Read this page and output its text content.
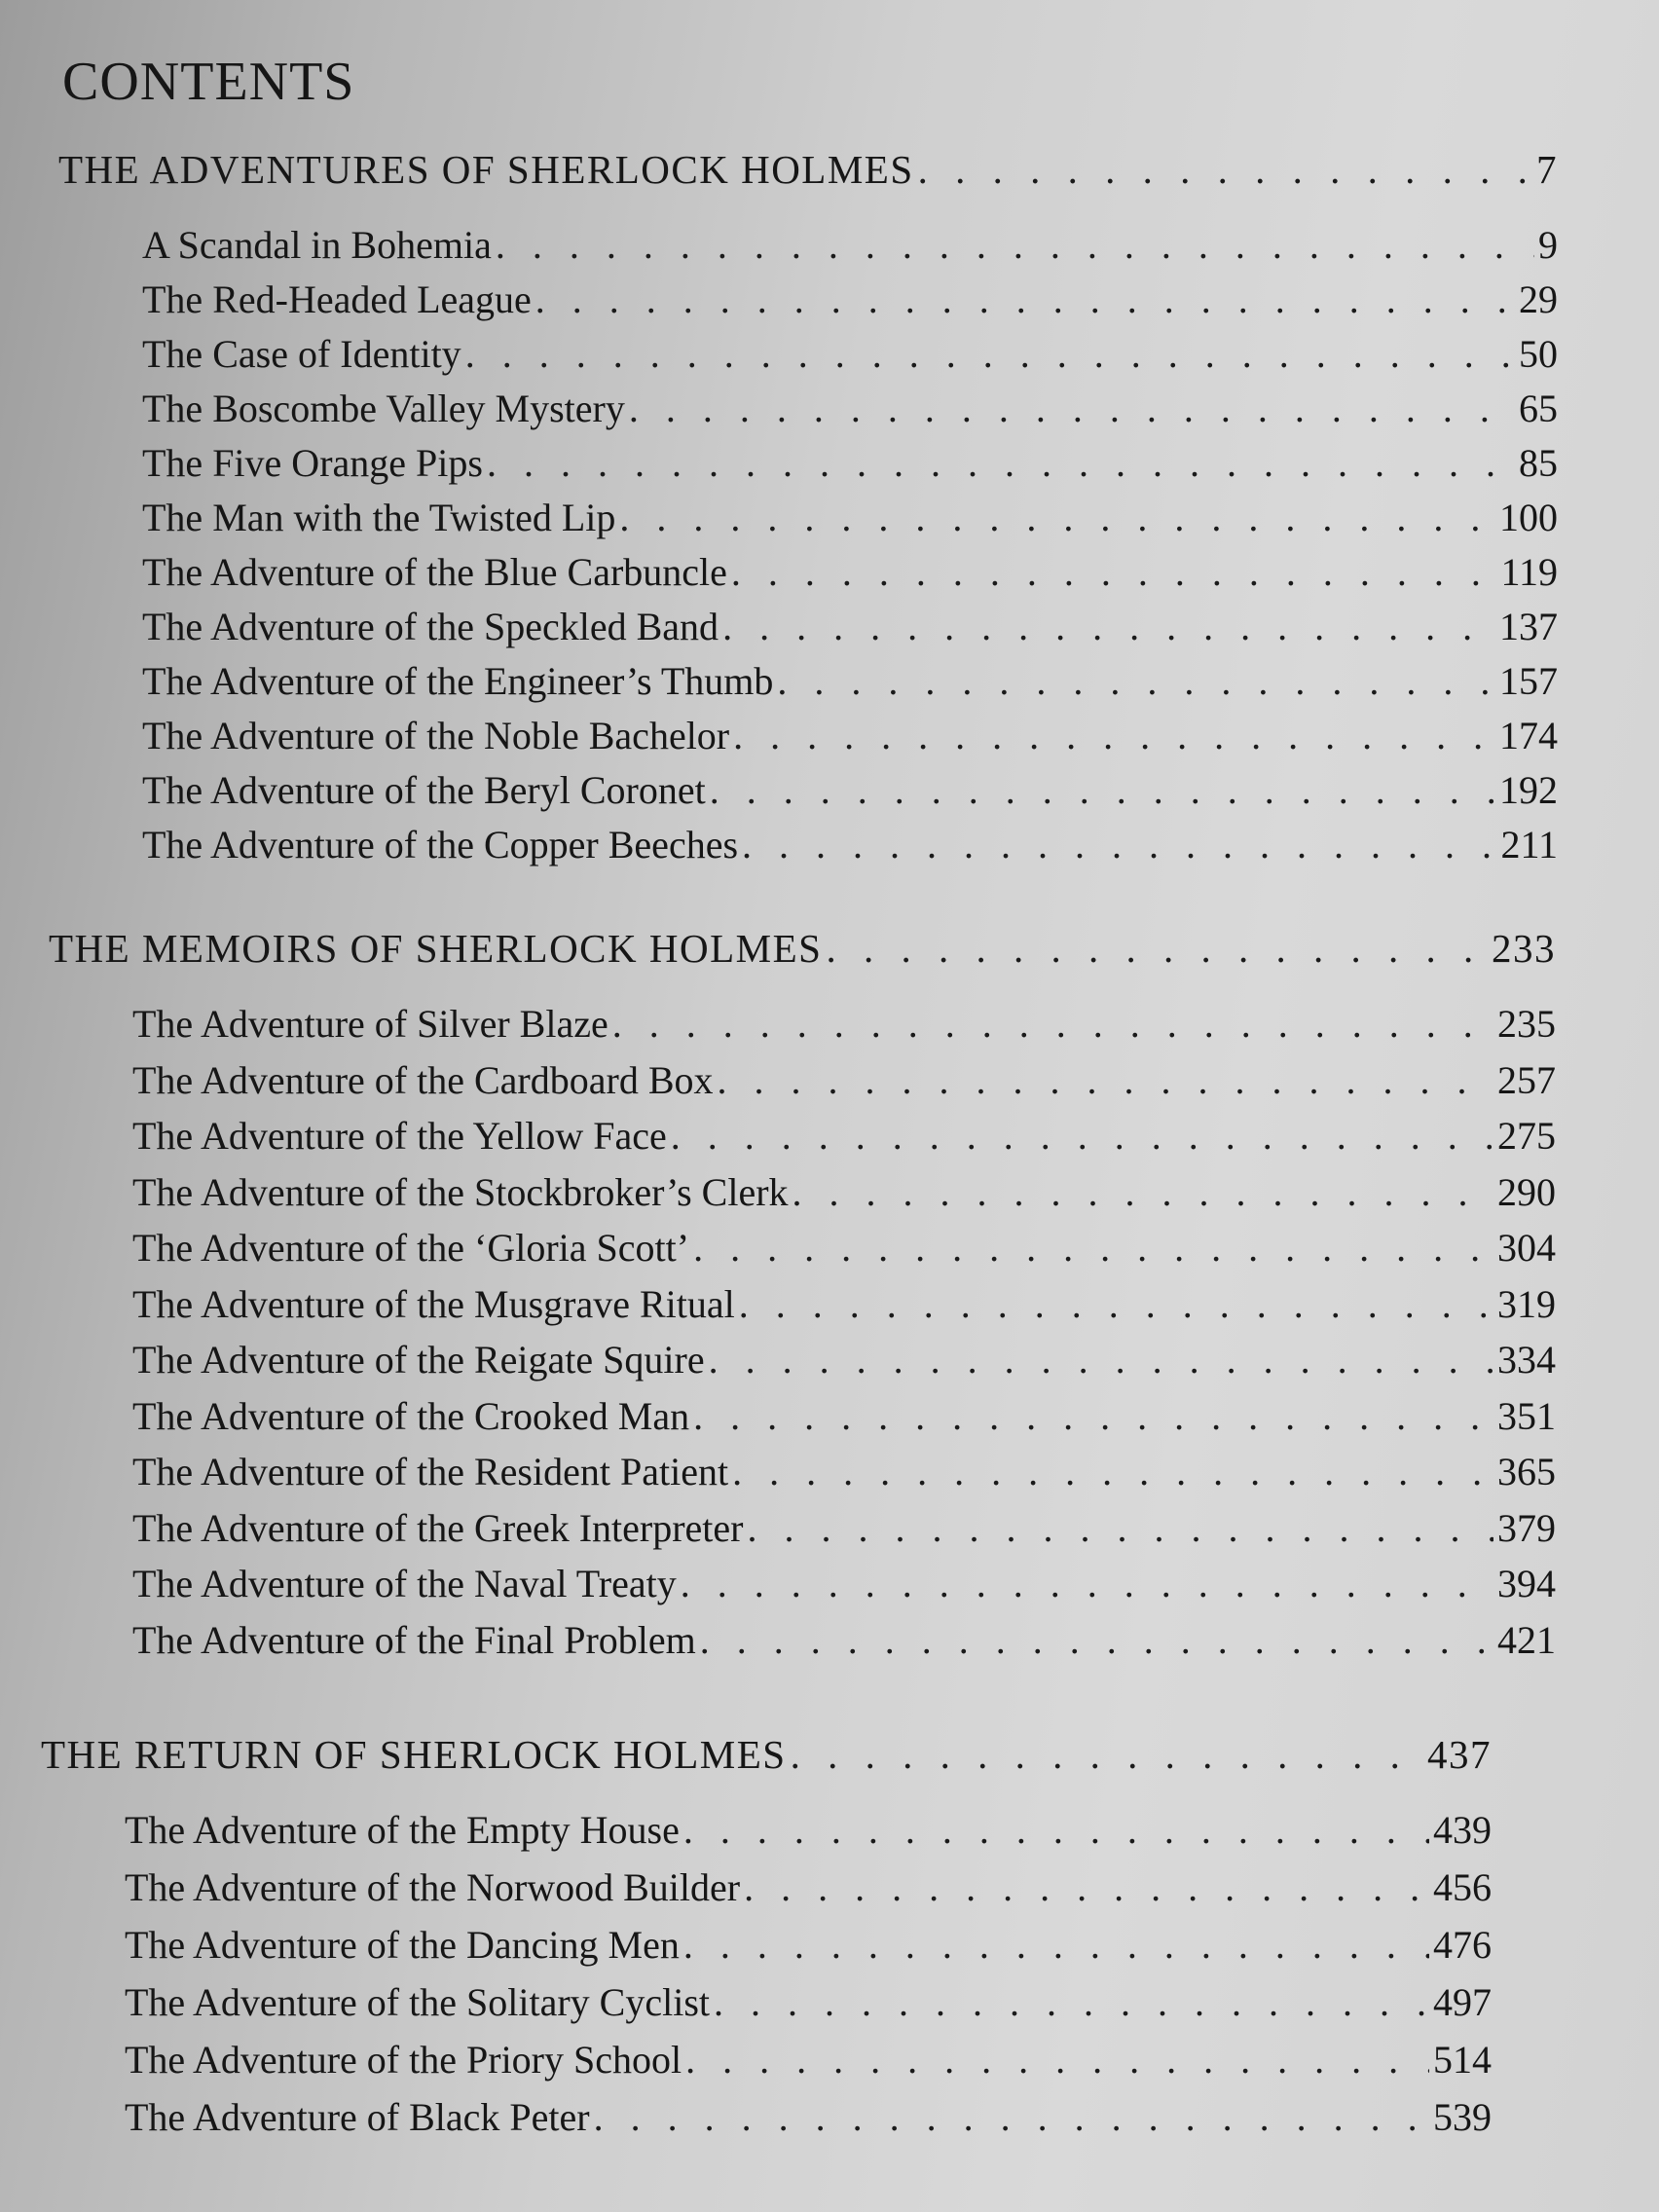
CONTENTS
THE ADVENTURES OF SHERLOCK HOLMES . . .	7
A Scandal in Bohemia . . .	9
The Red-Headed League . . .	29
The Case of Identity . . .	50
The Boscombe Valley Mystery . . .	65
The Five Orange Pips . . .	85
The Man with the Twisted Lip . . .	100
The Adventure of the Blue Carbuncle . . .	119
The Adventure of the Speckled Band . . .	137
The Adventure of the Engineer’s Thumb . . .	157
The Adventure of the Noble Bachelor . . .	174
The Adventure of the Beryl Coronet . . .	192
The Adventure of the Copper Beeches . . .	211
THE MEMOIRS OF SHERLOCK HOLMES . . .	233
The Adventure of Silver Blaze . . .	235
The Adventure of the Cardboard Box . . .	257
The Adventure of the Yellow Face . . .	275
The Adventure of the Stockbroker’s Clerk . . .	290
The Adventure of the ‘Gloria Scott’ . . .	304
The Adventure of the Musgrave Ritual . . .	319
The Adventure of the Reigate Squire . . .	334
The Adventure of the Crooked Man . . .	351
The Adventure of the Resident Patient . . .	365
The Adventure of the Greek Interpreter . . .	379
The Adventure of the Naval Treaty . . .	394
The Adventure of the Final Problem . . .	421
THE RETURN OF SHERLOCK HOLMES . . .	437
The Adventure of the Empty House . . .	439
The Adventure of the Norwood Builder . . .	456
The Adventure of the Dancing Men . . .	476
The Adventure of the Solitary Cyclist . . .	497
The Adventure of the Priory School . . .	514
The Adventure of Black Peter . . .	539
